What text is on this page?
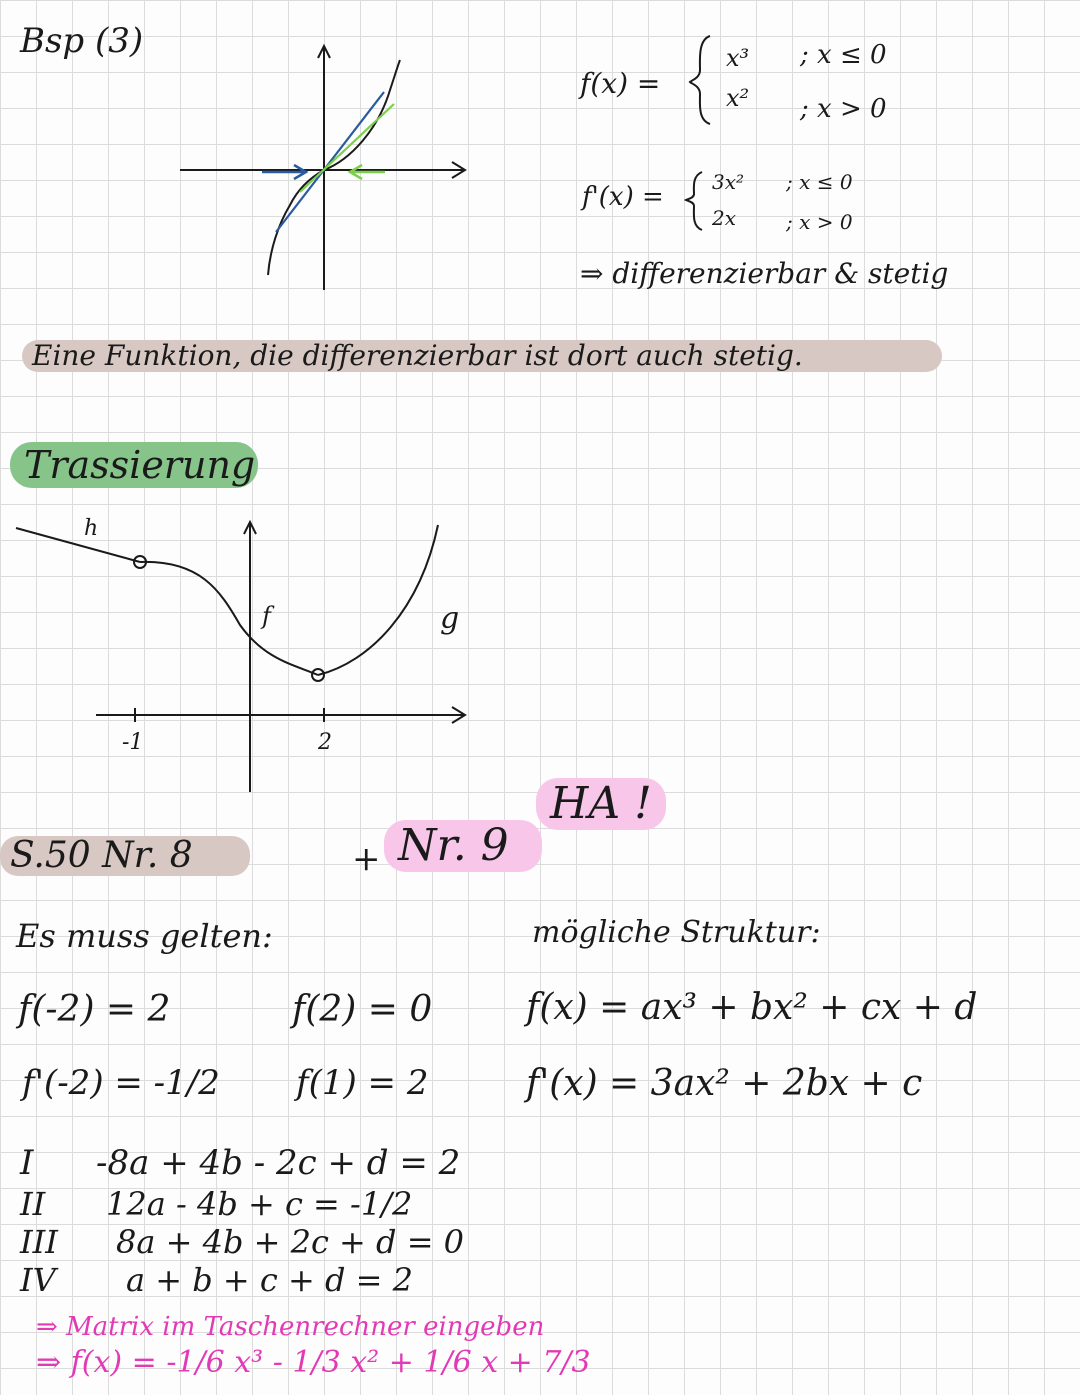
Bsp (3)
f(x) =
x³ ; x ≤ 0
x² ; x > 0
f'(x) = 3x² ; x ≤ 0
2x ; x > 0
⇒ differenzierbar & stetig
Eine Funktion, die differenzierbar ist dort auch stetig.
Trassierung
h
f	g
-1	2
S.50 Nr. 8	+ Nr. 9
HA !
Es muss gelten:	mögliche Struktur:
f(-2) = 2	f(2) = 0
f'(-2) = -1/2 f(1) = 2
f(x) = ax³ + bx² + cx + d
f'(x) = 3ax² + 2bx + c
I -8a + 4b - 2c + d = 2
II 12a - 4b + c = -1/2
III 8a + 4b + 2c + d = 0
IV a + b + c + d = 2
⇒ Matrix im Taschenrechner eingeben
⇒ f(x) = -1/6 x³ - 1/3 x² + 1/6 x + 7/3
